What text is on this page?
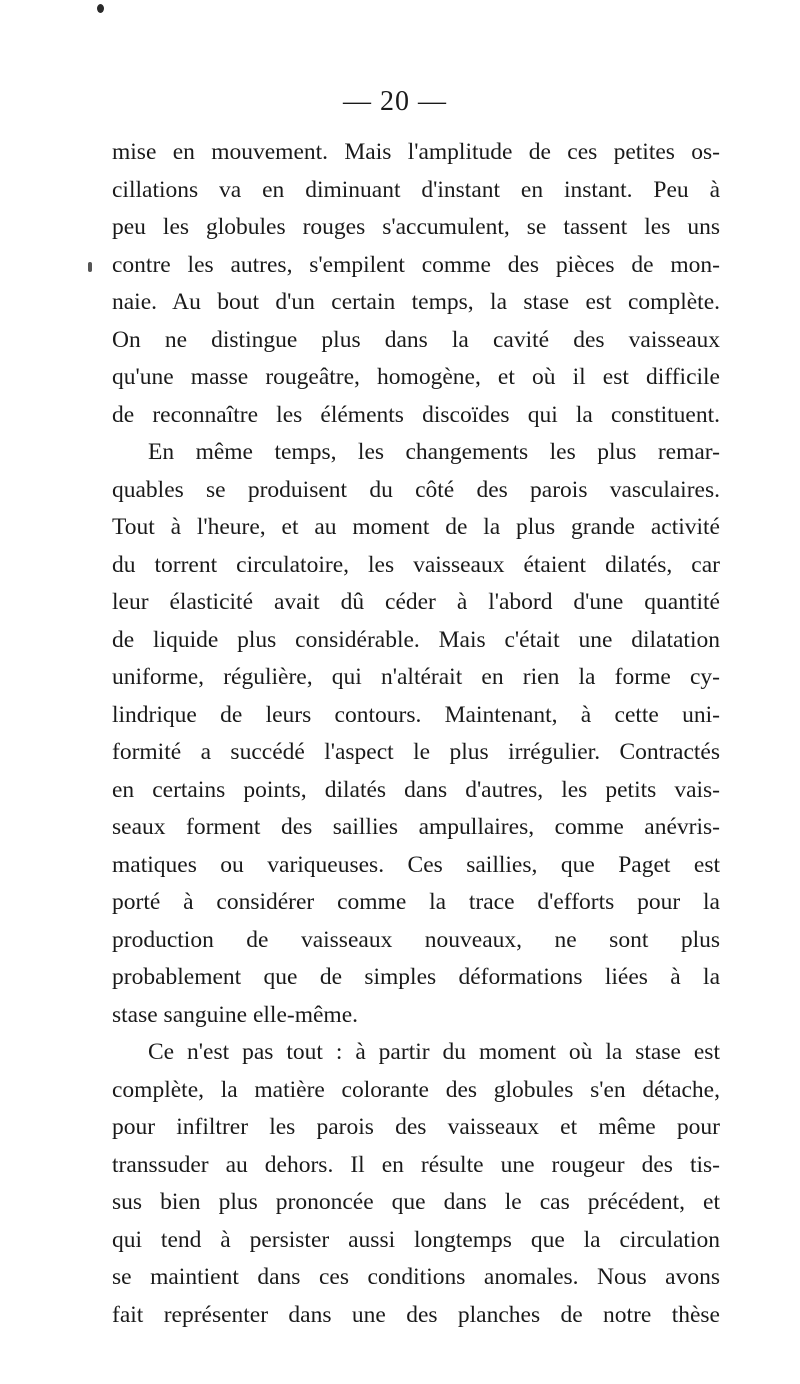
— 20 —
mise en mouvement. Mais l'amplitude de ces petites os-
cillations va en diminuant d'instant en instant. Peu à
peu les globules rouges s'accumulent, se tassent les uns
contre les autres, s'empilent comme des pièces de mon-
naie. Au bout d'un certain temps, la stase est complète.
On ne distingue plus dans la cavité des vaisseaux
qu'une masse rougeâtre, homogène, et où il est difficile
de reconnaître les éléments discoïdes qui la constituent.
En même temps, les changements les plus remar-
quables se produisent du côté des parois vasculaires.
Tout à l'heure, et au moment de la plus grande activité
du torrent circulatoire, les vaisseaux étaient dilatés, car
leur élasticité avait dû céder à l'abord d'une quantité
de liquide plus considérable. Mais c'était une dilatation
uniforme, régulière, qui n'altérait en rien la forme cy-
lindrique de leurs contours. Maintenant, à cette uni-
formité a succédé l'aspect le plus irrégulier. Contractés
en certains points, dilatés dans d'autres, les petits vais-
seaux forment des saillies ampullaires, comme anévris-
matiques ou variqueuses. Ces saillies, que Paget est
porté à considérer comme la trace d'efforts pour la
production de vaisseaux nouveaux, ne sont plus
probablement que de simples déformations liées à la
stase sanguine elle-même.
Ce n'est pas tout : à partir du moment où la stase est
complète, la matière colorante des globules s'en détache,
pour infiltrer les parois des vaisseaux et même pour
transsuder au dehors. Il en résulte une rougeur des tis-
sus bien plus prononcée que dans le cas précédent, et
qui tend à persister aussi longtemps que la circulation
se maintient dans ces conditions anomales. Nous avons
fait représenter dans une des planches de notre thèse
